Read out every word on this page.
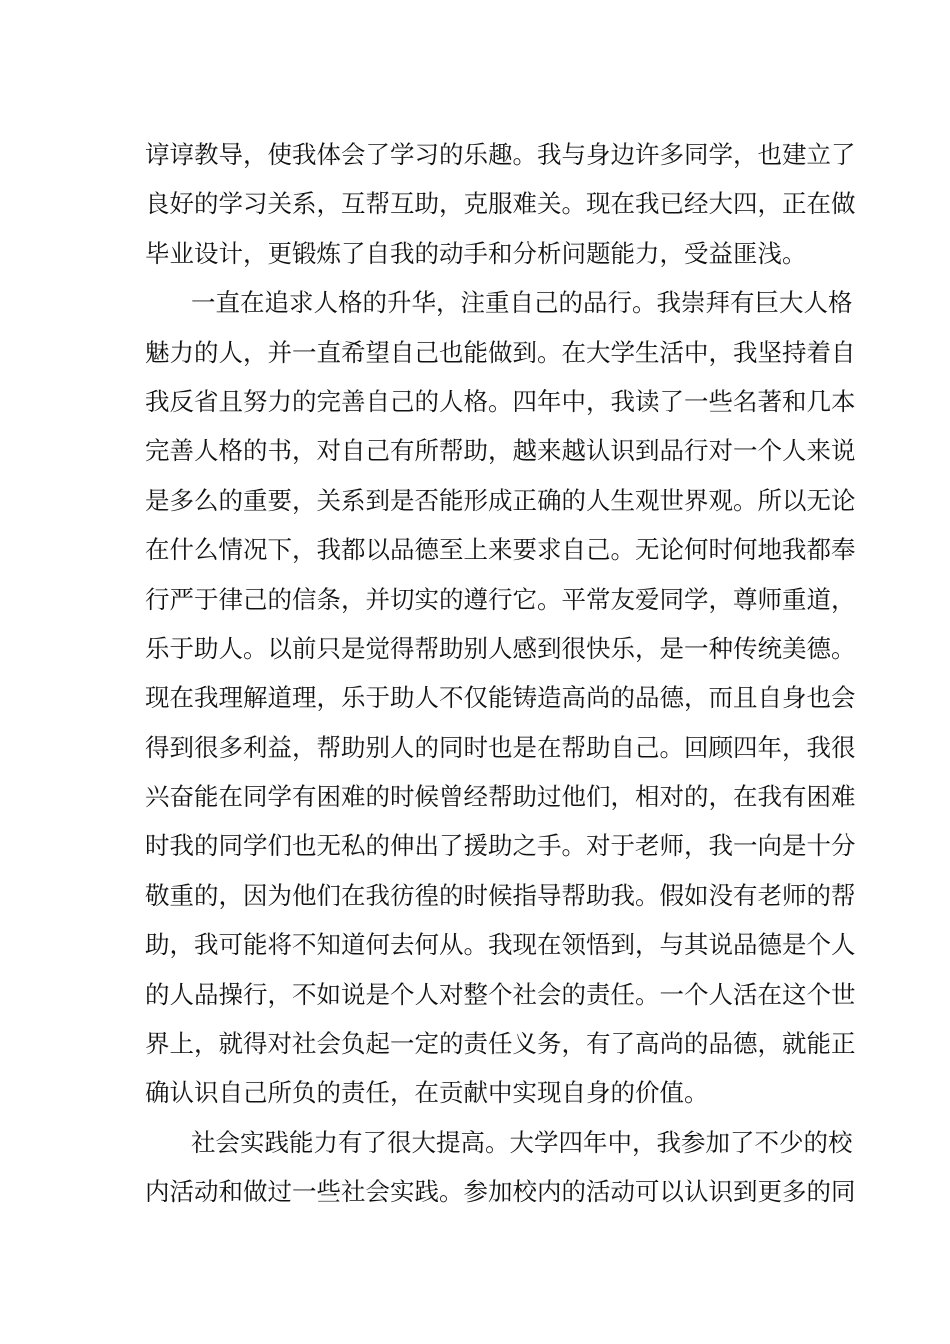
谆谆教导，使我体会了学习的乐趣。我与身边许多同学，也建立了
良好的学习关系，互帮互助，克服难关。现在我已经大四，正在做
毕业设计，更锻炼了自我的动手和分析问题能力，受益匪浅。
一直在追求人格的升华，注重自己的品行。我崇拜有巨大人格
魅力的人，并一直希望自己也能做到。在大学生活中，我坚持着自
我反省且努力的完善自己的人格。四年中，我读了一些名著和几本
完善人格的书，对自己有所帮助，越来越认识到品行对一个人来说
是多么的重要，关系到是否能形成正确的人生观世界观。所以无论
在什么情况下，我都以品德至上来要求自己。无论何时何地我都奉
行严于律己的信条，并切实的遵行它。平常友爱同学，尊师重道，
乐于助人。以前只是觉得帮助别人感到很快乐，是一种传统美德。
现在我理解道理，乐于助人不仅能铸造高尚的品德，而且自身也会
得到很多利益，帮助别人的同时也是在帮助自己。回顾四年，我很
兴奋能在同学有困难的时候曾经帮助过他们，相对的，在我有困难
时我的同学们也无私的伸出了援助之手。对于老师，我一向是十分
敬重的，因为他们在我彷徨的时候指导帮助我。假如没有老师的帮
助，我可能将不知道何去何从。我现在领悟到，与其说品德是个人
的人品操行，不如说是个人对整个社会的责任。一个人活在这个世
界上，就得对社会负起一定的责任义务，有了高尚的品德，就能正
确认识自己所负的责任，在贡献中实现自身的价值。
社会实践能力有了很大提高。大学四年中，我参加了不少的校
内活动和做过一些社会实践。参加校内的活动可以认识到更多的同
